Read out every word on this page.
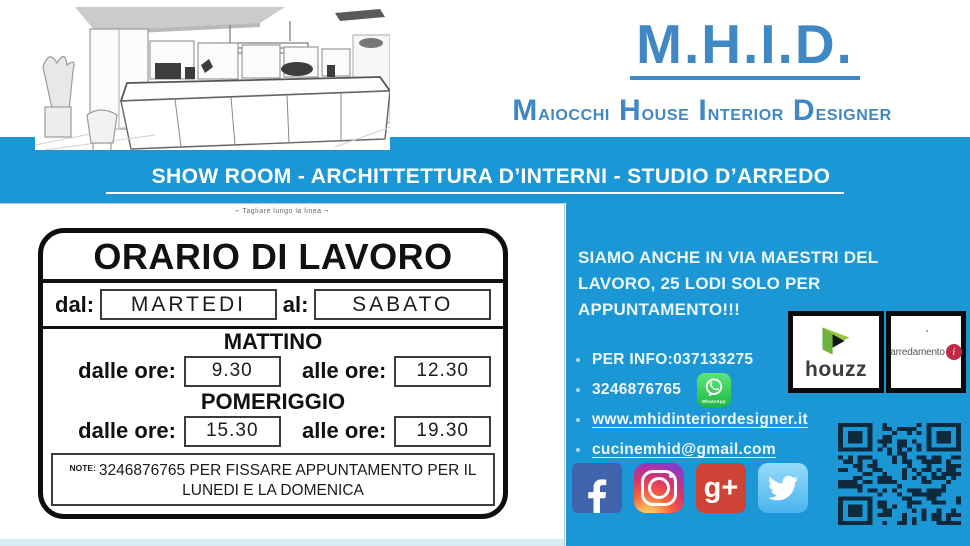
SHOW ROOM - ARCHITTETTURA D’INTERNI - STUDIO D’ARREDO
M.H.I.D.
M AIOCCHI H OUSE I NTERIOR D ESIGNER
⌐ Tagliare lungo la linea ¬
ORARIO DI LAVORO
dal:	MARTEDI	al:	SABATO
MATTINO
dalle ore:	9.30	alle ore:	12.30
POMERIGGIO
dalle ore:	15.30	alle ore:	19.30
$^{NOTE:}$ 3246876765 PER FISSARE APPUNTAMENTO PER IL
LUNEDI E LA DOMENICA
SIAMO ANCHE IN VIA MAESTRI DEL LAVORO, 25 LODI SOLO PER APPUNTAMENTO!!!
PER INFO:037133275
3246876765
WhatsApp
www.mhidinteriordesigner.it
cucinemhid@gmail.com
houzz
arredamento i
g+
